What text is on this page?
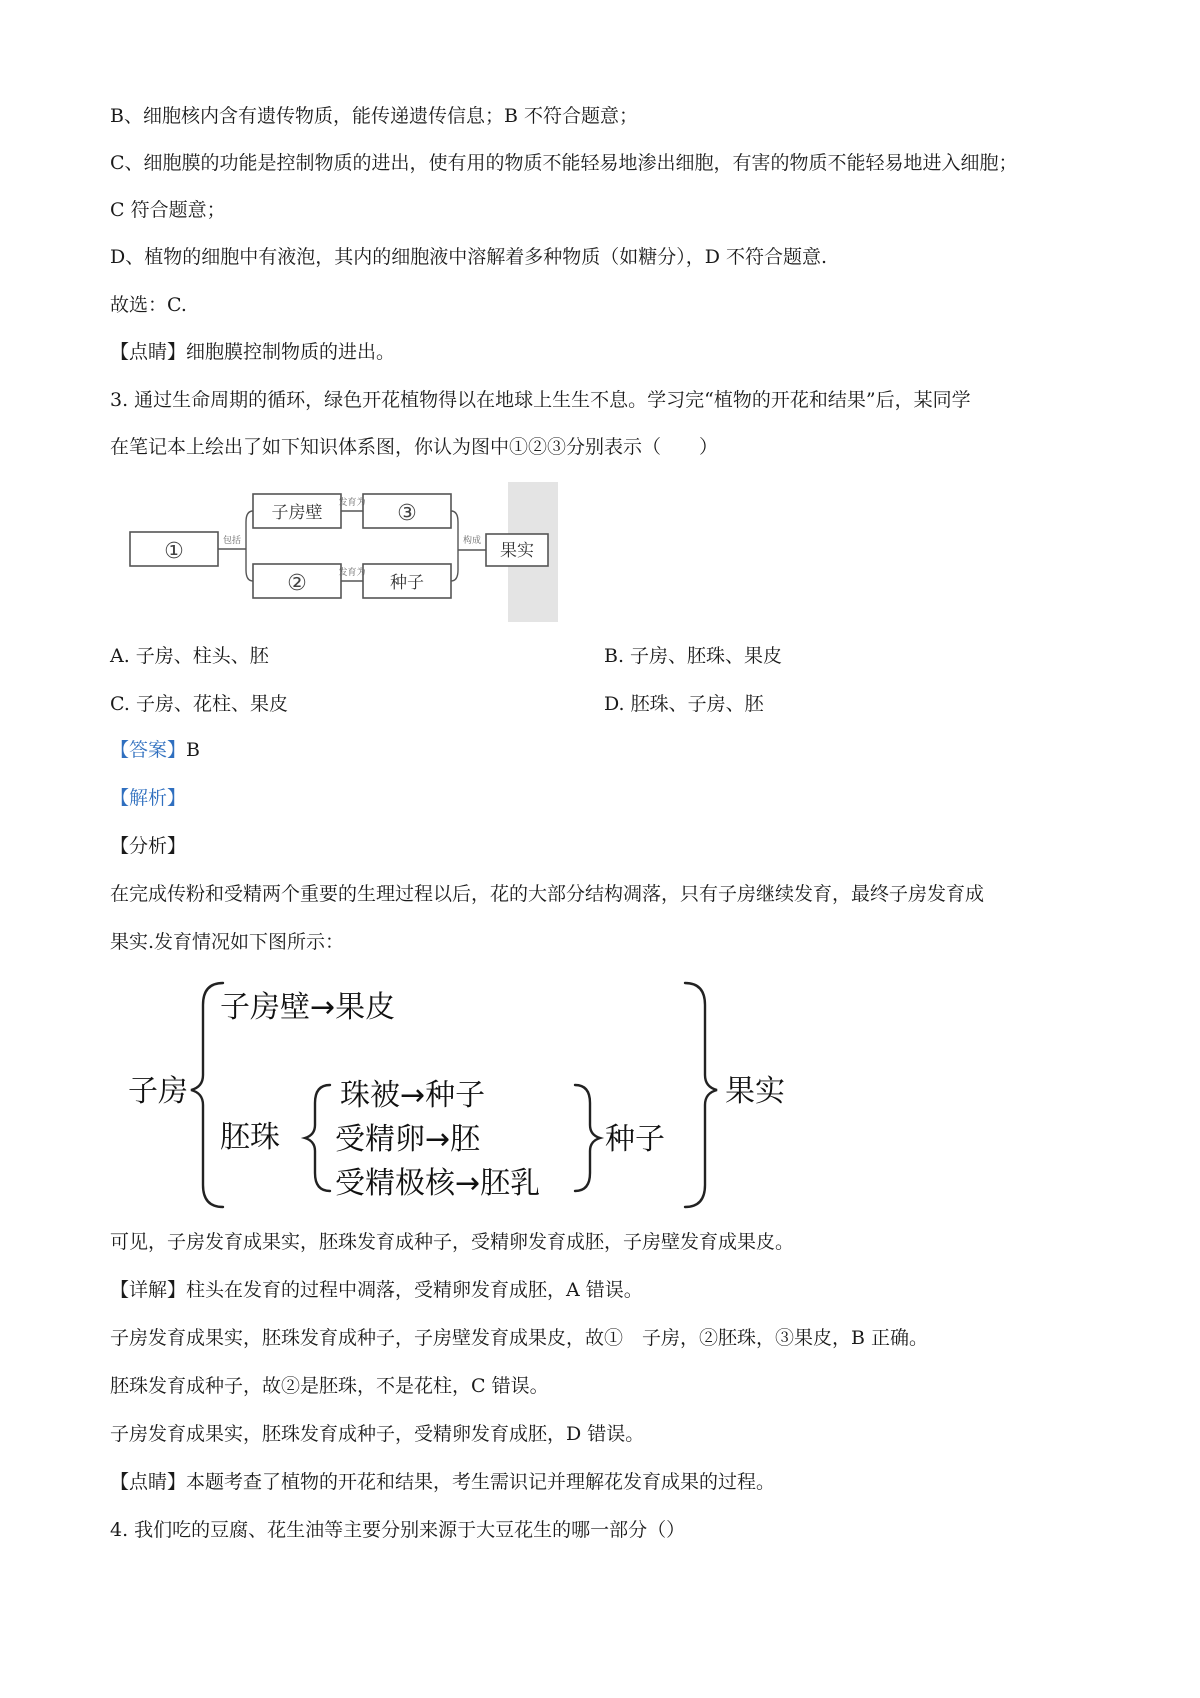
B、细胞核内含有遗传物质，能传递遗传信息；B 不符合题意；
C、细胞膜的功能是控制物质的进出，使有用的物质不能轻易地渗出细胞，有害的物质不能轻易地进入细胞；
C 符合题意；
D、植物的细胞中有液泡，其内的细胞液中溶解着多种物质（如糖分），D 不符合题意.
故选：C.
【点睛】细胞膜控制物质的进出。
3. 通过生命周期的循环，绿色开花植物得以在地球上生生不息。学习完“植物的开花和结果”后，某同学
在笔记本上绘出了如下知识体系图，你认为图中①②③分别表示（　　）
①
子房壁	③
②	种子
果实
包括
发育为
发育为
构成
A. 子房、柱头、胚	B. 子房、胚珠、果皮
C. 子房、花柱、果皮	D. 胚珠、子房、胚
【答案】B
【解析】
【分析】
在完成传粉和受精两个重要的生理过程以后，花的大部分结构凋落，只有子房继续发育，最终子房发育成
果实.发育情况如下图所示：
子房
子房壁→果皮
胚珠
珠被→种子
受精卵→胚
受精极核→胚乳
种子
果实
可见，子房发育成果实，胚珠发育成种子，受精卵发育成胚，子房壁发育成果皮。
【详解】柱头在发育的过程中凋落，受精卵发育成胚，A 错误。
子房发育成果实，胚珠发育成种子，子房壁发育成果皮，故①　子房，②胚珠，③果皮，B 正确。
胚珠发育成种子，故②是胚珠，不是花柱，C 错误。
子房发育成果实，胚珠发育成种子，受精卵发育成胚，D 错误。
【点睛】本题考查了植物的开花和结果，考生需识记并理解花发育成果的过程。
4. 我们吃的豆腐、花生油等主要分别来源于大豆花生的哪一部分（）
